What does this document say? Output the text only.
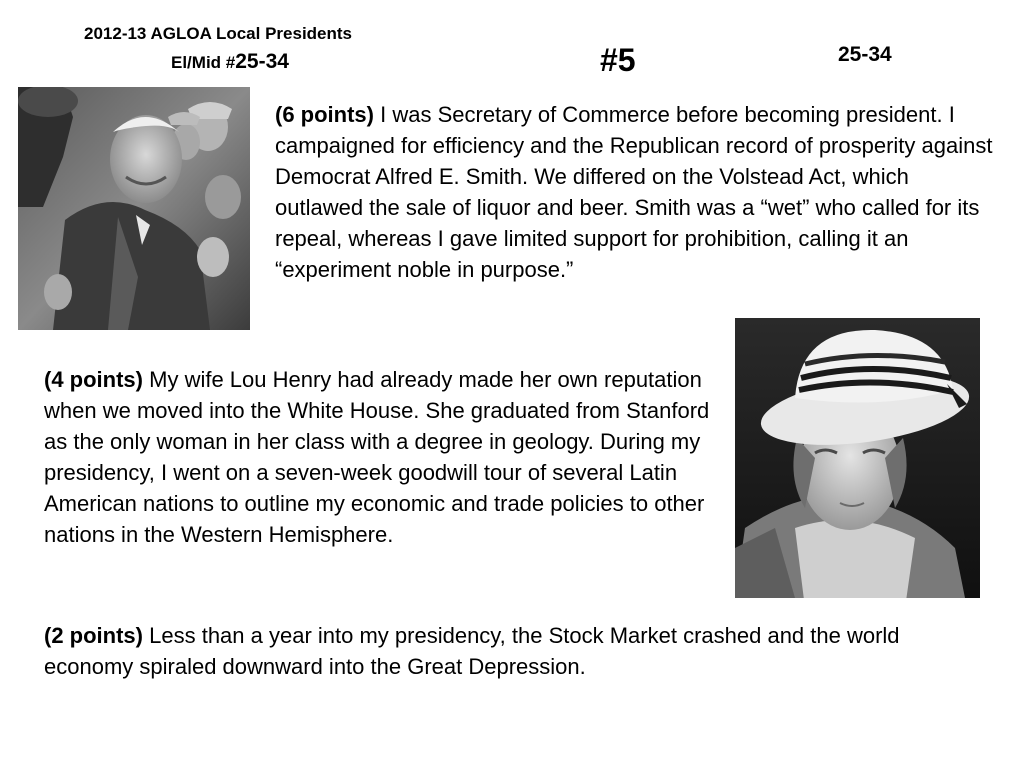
2012-13 AGLOA Local Presidents
El/Mid #25-34	#5	25-34
(6 points) I was Secretary of Commerce before becoming president. I campaigned for efficiency and the Republican record of prosperity against Democrat Alfred E. Smith. We differed on the Volstead Act, which outlawed the sale of liquor and beer. Smith was a “wet” who called for its repeal, whereas I gave limited support for prohibition, calling it an “experiment noble in purpose.”
(4 points) My wife Lou Henry had already made her own reputation when we moved into the White House. She graduated from Stanford as the only woman in her class with a degree in geology. During my presidency, I went on a seven-week goodwill tour of several Latin American nations to outline my economic and trade policies to other nations in the Western Hemisphere.
(2 points) Less than a year into my presidency, the Stock Market crashed and the world economy spiraled downward into the Great Depression.
